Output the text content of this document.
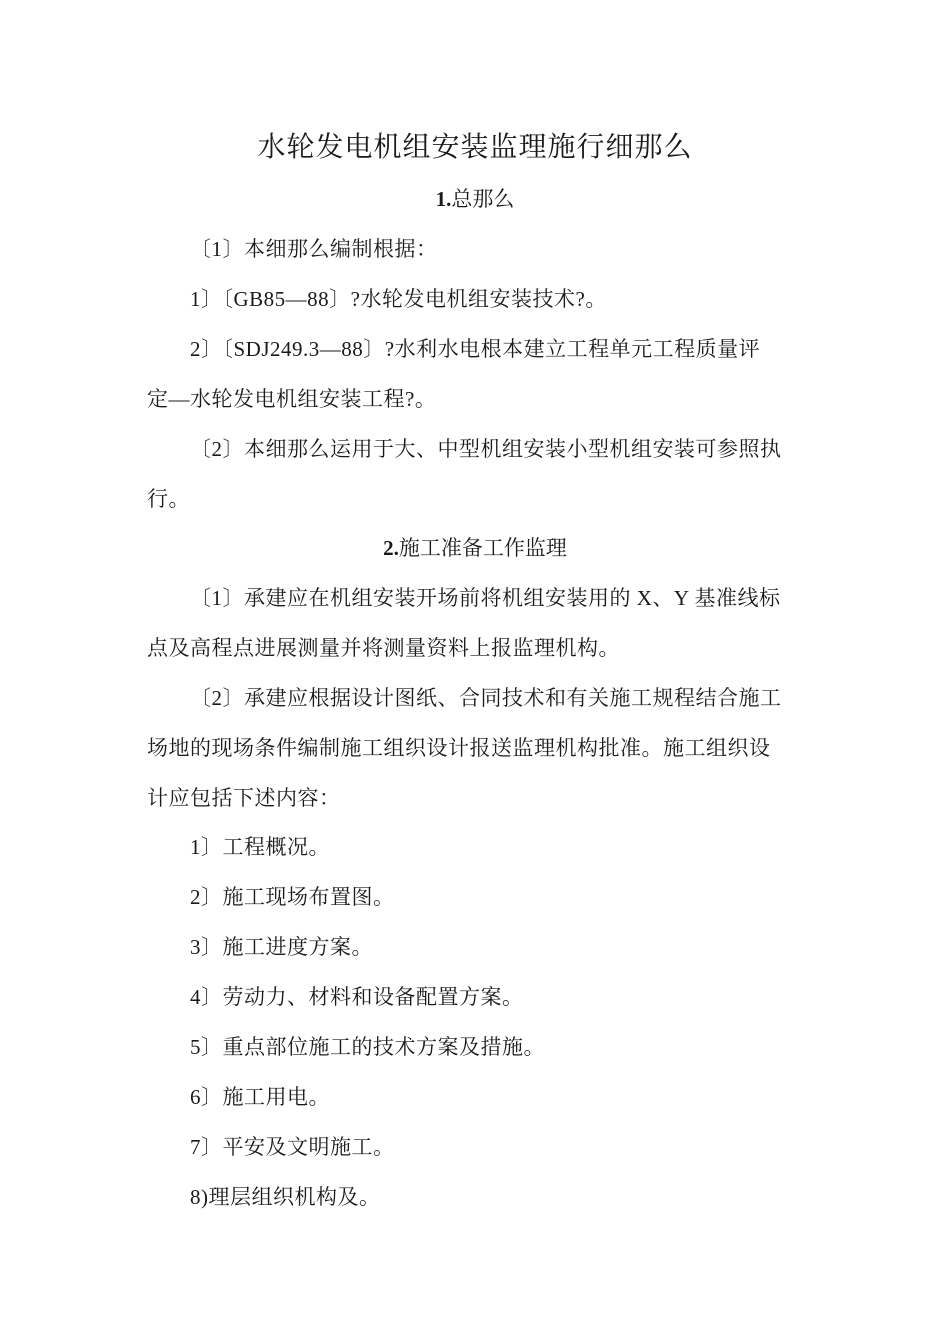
水轮发电机组安装监理施行细那么
1.总那么
〔1〕本细那么编制根据：
1〕〔GB85—88〕?水轮发电机组安装技术?。
2〕〔SDJ249.3—88〕?水利水电根本建立工程单元工程质量评
定—水轮发电机组安装工程?。
〔2〕本细那么运用于大、中型机组安装小型机组安装可参照执
行。
2.施工准备工作监理
〔1〕承建应在机组安装开场前将机组安装用的 X、Y 基准线标
点及高程点进展测量并将测量资料上报监理机构。
〔2〕承建应根据设计图纸、合同技术和有关施工规程结合施工
场地的现场条件编制施工组织设计报送监理机构批准。施工组织设
计应包括下述内容：
1〕工程概况。
2〕施工现场布置图。
3〕施工进度方案。
4〕劳动力、材料和设备配置方案。
5〕重点部位施工的技术方案及措施。
6〕施工用电。
7〕平安及文明施工。
8)理层组织机构及。
